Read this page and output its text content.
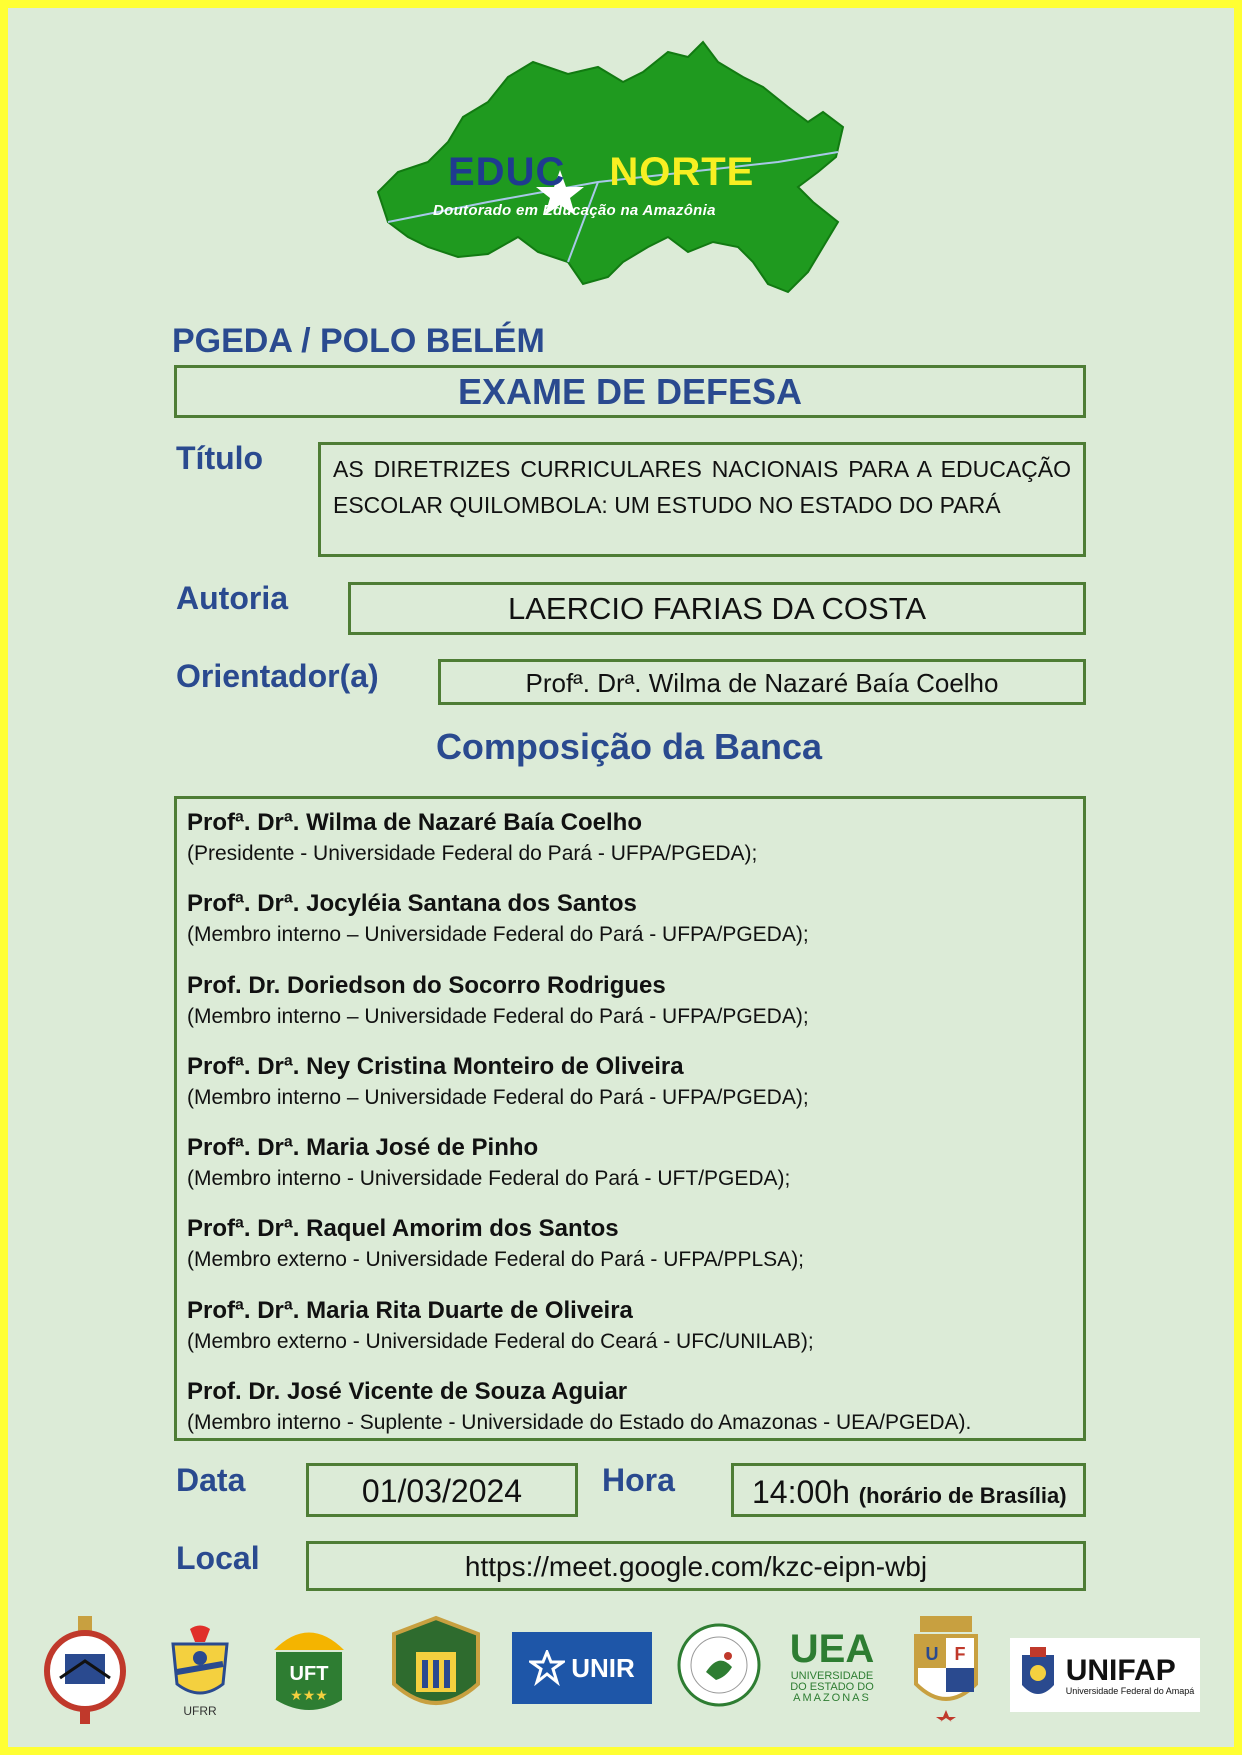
EDUC NORTE
Doutorado em Educação na Amazônia
PGEDA / POLO BELÉM
EXAME DE DEFESA
Título	AS DIRETRIZES CURRICULARES NACIONAIS PARA A EDUCAÇÃO ESCOLAR QUILOMBOLA: UM ESTUDO NO ESTADO DO PARÁ
Autoria	LAERCIO FARIAS DA COSTA
Orientador(a)	Profª. Drª. Wilma de Nazaré Baía Coelho
Composição da Banca
Profª. Drª. Wilma de Nazaré Baía Coelho
(Presidente - Universidade Federal do Pará - UFPA/PGEDA);
Profª. Drª. Jocyléia Santana dos Santos
(Membro interno – Universidade Federal do Pará - UFPA/PGEDA);
Prof. Dr. Doriedson do Socorro Rodrigues
(Membro interno – Universidade Federal do Pará - UFPA/PGEDA);
Profª. Drª. Ney Cristina Monteiro de Oliveira
(Membro interno – Universidade Federal do Pará - UFPA/PGEDA);
Profª. Drª. Maria José de Pinho
(Membro interno - Universidade Federal do Pará - UFT/PGEDA);
Profª. Drª. Raquel Amorim dos Santos
(Membro externo - Universidade Federal do Pará - UFPA/PPLSA);
Profª. Drª. Maria Rita Duarte de Oliveira
(Membro externo - Universidade Federal do Ceará - UFC/UNILAB);
Prof. Dr. José Vicente de Souza Aguiar
(Membro interno - Suplente - Universidade do Estado do Amazonas - UEA/PGEDA).
Data	01/03/2024	Hora	14:00h (horário de Brasília)
Local	https://meet.google.com/kzc-eipn-wbj
UFRR
UFT
★★★
UNIR	UEA
UNIVERSIDADE
DO ESTADO DO
AMAZONAS
U F	UNIFAP
Universidade Federal do Amapá
